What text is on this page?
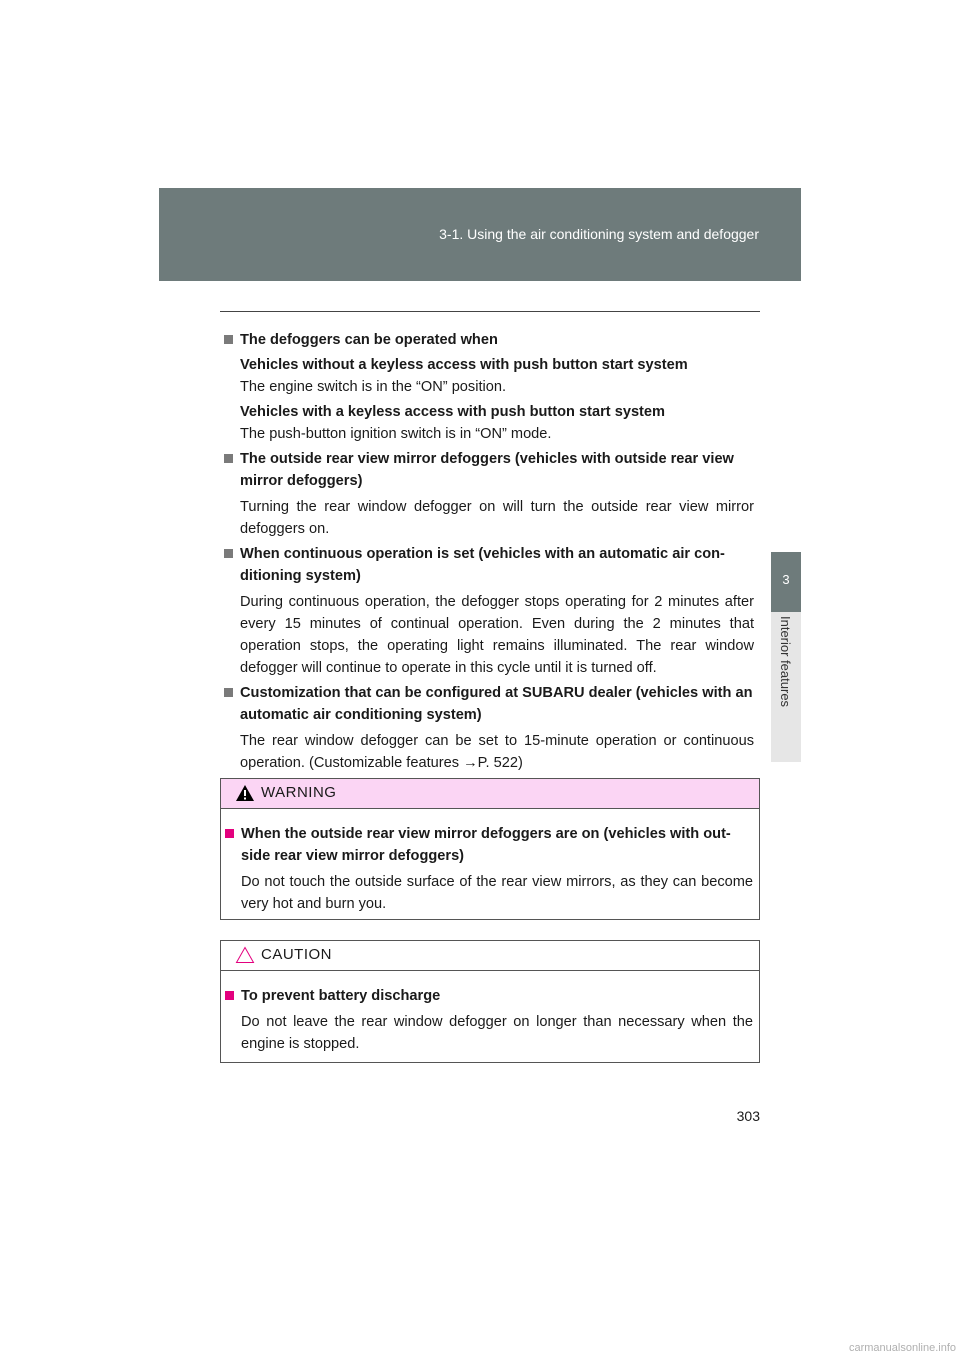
3-1. Using the air conditioning system and defogger
3
Interior features
The defoggers can be operated when
Vehicles without a keyless access with push button start system
The engine switch is in the “ON” position.
Vehicles with a keyless access with push button start system
The push-button ignition switch is in “ON” mode.
The outside rear view mirror defoggers (vehicles with outside rear view mirror defoggers)
Turning the rear window defogger on will turn the outside rear view mirror defoggers on.
When continuous operation is set (vehicles with an automatic air con- ditioning system)
During continuous operation, the defogger stops operating for 2 minutes after every 15 minutes of continual operation. Even during the 2 minutes that operation stops, the operating light remains illuminated. The rear window defogger will continue to operate in this cycle until it is turned off.
Customization that can be configured at SUBARU dealer (vehicles with an automatic air conditioning system)
The rear window defogger can be set to 15-minute operation or continuous operation. (Customizable features →P. 522)
WARNING
When the outside rear view mirror defoggers are on (vehicles with out- side rear view mirror defoggers)
Do not touch the outside surface of the rear view mirrors, as they can become very hot and burn you.
CAUTION
To prevent battery discharge
Do not leave the rear window defogger on longer than necessary when the engine is stopped.
303
carmanualsonline.info
